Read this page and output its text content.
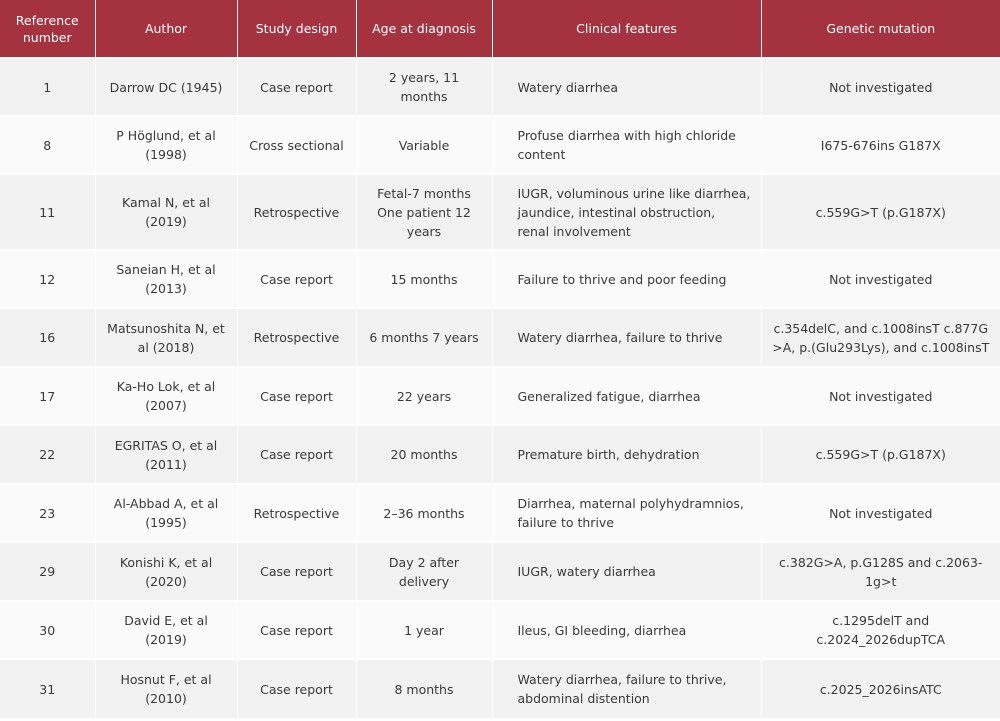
Reference number	Author	Study design	Age at diagnosis	Clinical features	Genetic mutation
1	Darrow DC (1945)	Case report	2 years, 11 months	Watery diarrhea	Not investigated
8	P Höglund, et al (1998)	Cross sectional	Variable	Profuse diarrhea with high chloride content	I675-676ins G187X
11	Kamal N, et al (2019)	Retrospective	Fetal-7 months One patient 12 years	IUGR, voluminous urine like diarrhea, jaundice, intestinal obstruction, renal involvement	c.559G>T (p.G187X)
12	Saneian H, et al (2013)	Case report	15 months	Failure to thrive and poor feeding	Not investigated
16	Matsunoshita N, et al (2018)	Retrospective	6 months 7 years	Watery diarrhea, failure to thrive	c.354delC, and c.1008insT c.877G >A, p.(Glu293Lys), and c.1008insT
17	Ka-Ho Lok, et al (2007)	Case report	22 years	Generalized fatigue, diarrhea	Not investigated
22	EGRITAS O, et al (2011)	Case report	20 months	Premature birth, dehydration	c.559G>T (p.G187X)
23	Al-Abbad A, et al (1995)	Retrospective	2–36 months	Diarrhea, maternal polyhydramnios, failure to thrive	Not investigated
29	Konishi K, et al (2020)	Case report	Day 2 after delivery	IUGR, watery diarrhea	c.382G>A, p.G128S and c.2063-1g>t
30	David E, et al (2019)	Case report	1 year	Ileus, GI bleeding, diarrhea	c.1295delT and c.2024_2026dupTCA
31	Hosnut F, et al (2010)	Case report	8 months	Watery diarrhea, failure to thrive, abdominal distention	c.2025_2026insATC
